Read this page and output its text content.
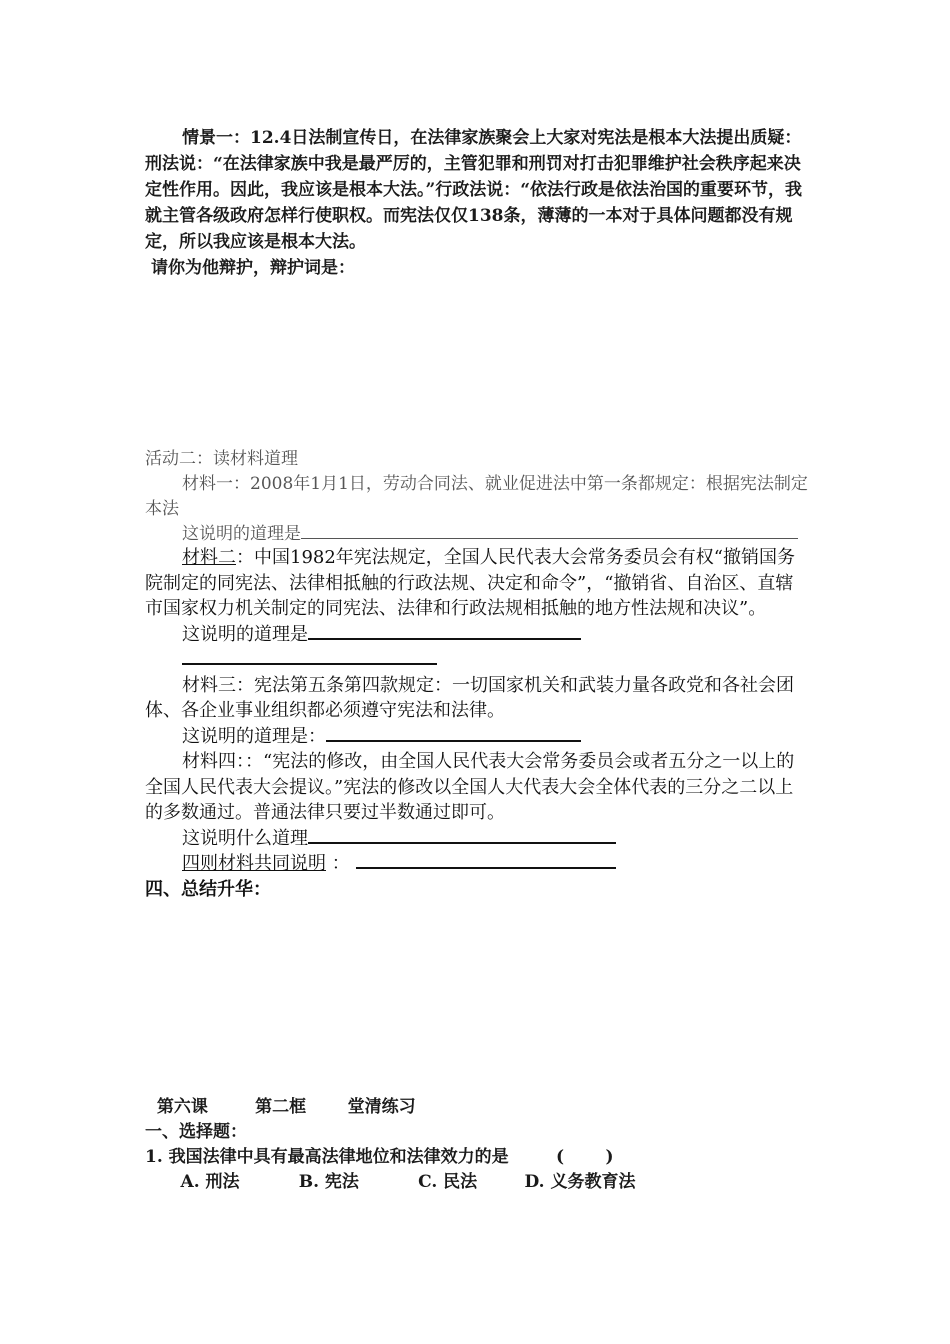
情景一：12.4日法制宣传日，在法律家族聚会上大家对宪法是根本大法提出质疑：刑法说：“在法律家族中我是最严厉的，主管犯罪和刑罚对打击犯罪维护社会秩序起来决定性作用。因此，我应该是根本大法。”行政法说：“依法行政是依法治国的重要环节，我就主管各级政府怎样行使职权。而宪法仅仅138条，薄薄的一本对于具体问题都没有规定，所以我应该是根本大法。

请你为他辩护，辩护词是：

活动二：读材料道理

材料一：2008年1月1日，劳动合同法、就业促进法中第一条都规定：根据宪法制定本法

这说明的道理是

材料二：中国1982年宪法规定，全国人民代表大会常务委员会有权“撤销国务院制定的同宪法、法律相抵触的行政法规、决定和命令”，“撤销省、自治区、直辖市国家权力机关制定的同宪法、法律和行政法规相抵触的地方性法规和决议”。

这说明的道理是

材料三：宪法第五条第四款规定：一切国家机关和武装力量各政党和各社会团体、各企业事业组织都必须遵守宪法和法律。

这说明的道理是：

材料四：：“宪法的修改，由全国人民代表大会常务委员会或者五分之一以上的全国人民代表大会提议。”宪法的修改以全国人大代表大会全体代表的三分之二以上的多数通过。普通法律只要过半数通过即可。

这说明什么道理

四则材料共同说明 ：

四、总结升华：

第六课        第二框       堂清练习

一、选择题：

1. 我国法律中具有最高法律地位和法律效力的是        (       )

A. 刑法          B. 宪法          C. 民法        D. 义务教育法
